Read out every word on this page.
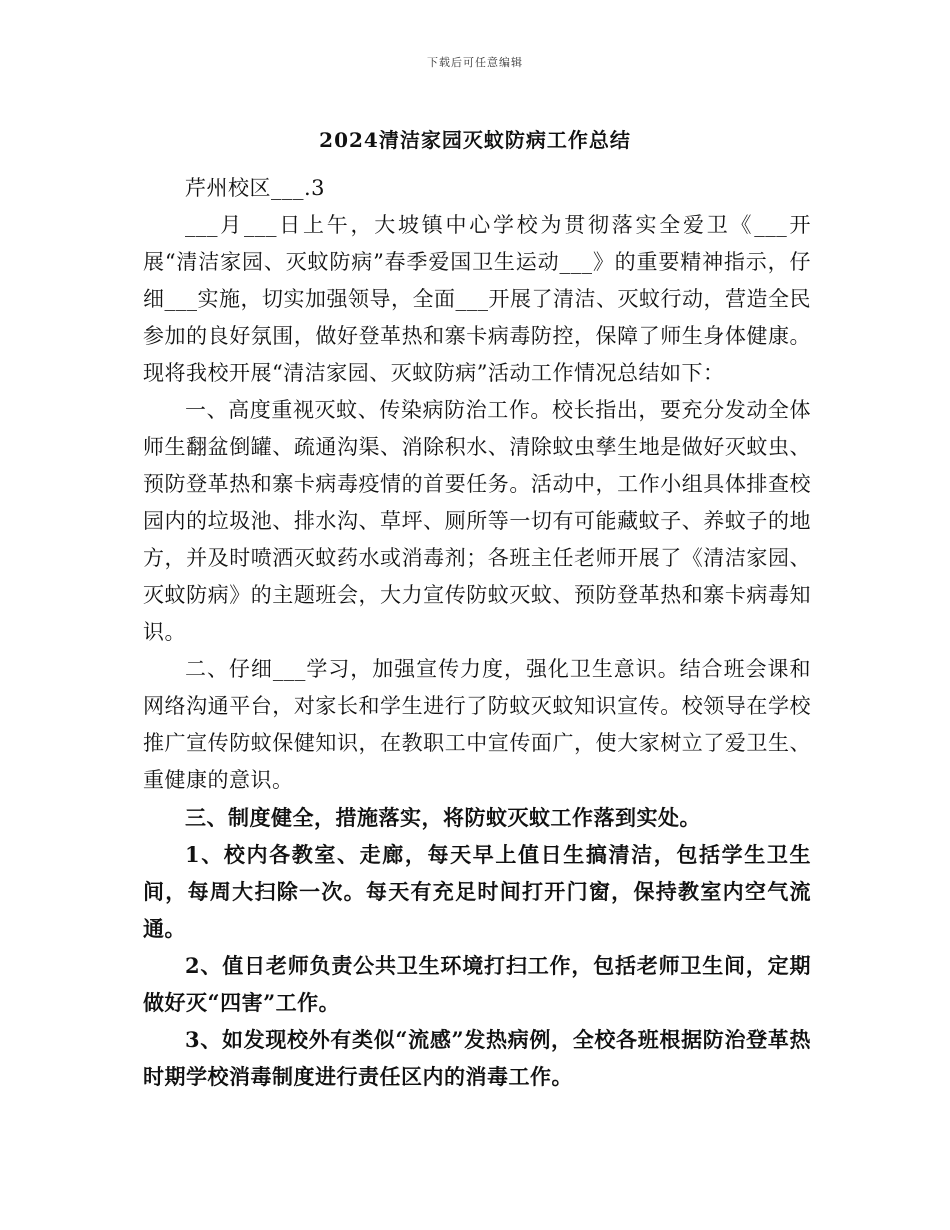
下载后可任意编辑
2024清洁家园灭蚊防病工作总结

芹州校区___.3

___月___日上午，大坡镇中心学校为贯彻落实全爱卫《___开展“清洁家园、灭蚊防病”春季爱国卫生运动___》的重要精神指示，仔细___实施，切实加强领导，全面___开展了清洁、灭蚊行动，营造全民参加的良好氛围，做好登革热和寨卡病毒防控，保障了师生身体健康。现将我校开展“清洁家园、灭蚊防病”活动工作情况总结如下：

一、高度重视灭蚊、传染病防治工作。校长指出，要充分发动全体师生翻盆倒罐、疏通沟渠、消除积水、清除蚊虫孳生地是做好灭蚊虫、预防登革热和寨卡病毒疫情的首要任务。活动中，工作小组具体排查校园内的垃圾池、排水沟、草坪、厕所等一切有可能藏蚊子、养蚊子的地方，并及时喷洒灭蚊药水或消毒剂；各班主任老师开展了《清洁家园、灭蚊防病》的主题班会，大力宣传防蚊灭蚊、预防登革热和寨卡病毒知识。

二、仔细___学习，加强宣传力度，强化卫生意识。结合班会课和网络沟通平台，对家长和学生进行了防蚊灭蚊知识宣传。校领导在学校推广宣传防蚊保健知识，在教职工中宣传面广，使大家树立了爱卫生、重健康的意识。

三、制度健全，措施落实，将防蚊灭蚊工作落到实处。

1、校内各教室、走廊，每天早上值日生搞清洁，包括学生卫生间，每周大扫除一次。每天有充足时间打开门窗，保持教室内空气流通。

2、值日老师负责公共卫生环境打扫工作，包括老师卫生间，定期做好灭“四害”工作。

3、如发现校外有类似“流感”发热病例，全校各班根据防治登革热时期学校消毒制度进行责任区内的消毒工作。
